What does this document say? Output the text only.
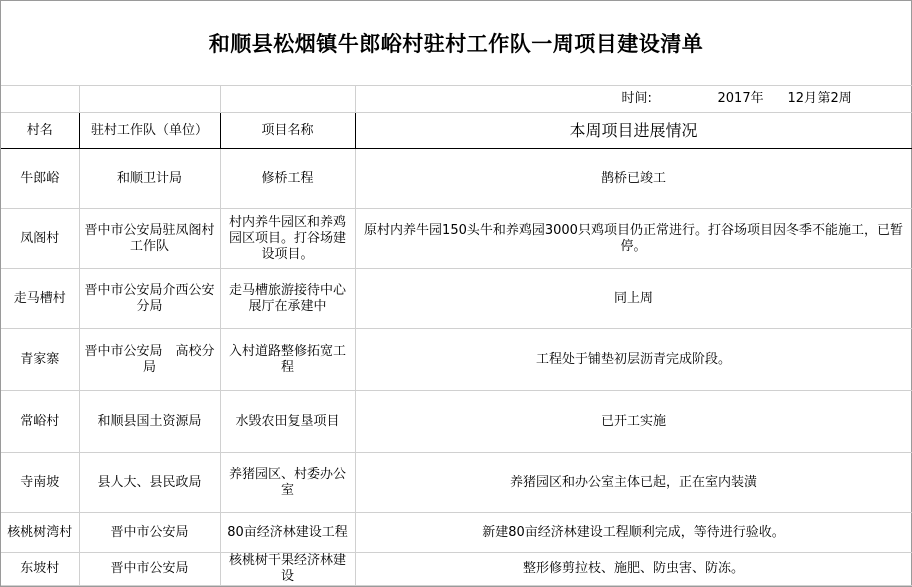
和顺县松烟镇牛郎峪村驻村工作队一周项目建设清单

			时间: 2017年 12月 第2周

村名	驻村工作队（单位）	项目名称	本周项目进展情况
牛郎峪	和顺卫计局	修桥工程	鹊桥已竣工
凤阁村	晋中市公安局驻凤阁村工作队	村内养牛园区和养鸡园区项目。打谷场建设项目。	原村内养牛园150头牛和养鸡园3000只鸡项目仍正常进行。打谷场项目因冬季不能施工，已暂停。
走马槽村	晋中市公安局介西公安分局	走马槽旅游接待中心展厅在承建中	同上周
青家寨	晋中市公安局　高校分局	入村道路整修拓宽工程	工程处于铺垫初层沥青完成阶段。
常峪村	和顺县国土资源局	水毁农田复垦项目	已开工实施
寺南坡	县人大、县民政局	养猪园区、村委办公室	养猪园区和办公室主体已起，正在室内装潢
核桃树湾村	晋中市公安局	80亩经济林建设工程	新建80亩经济林建设工程顺利完成，等待进行验收。
东坡村	晋中市公安局	核桃树干果经济林建设	整形修剪拉枝、施肥、防虫害、防冻。
